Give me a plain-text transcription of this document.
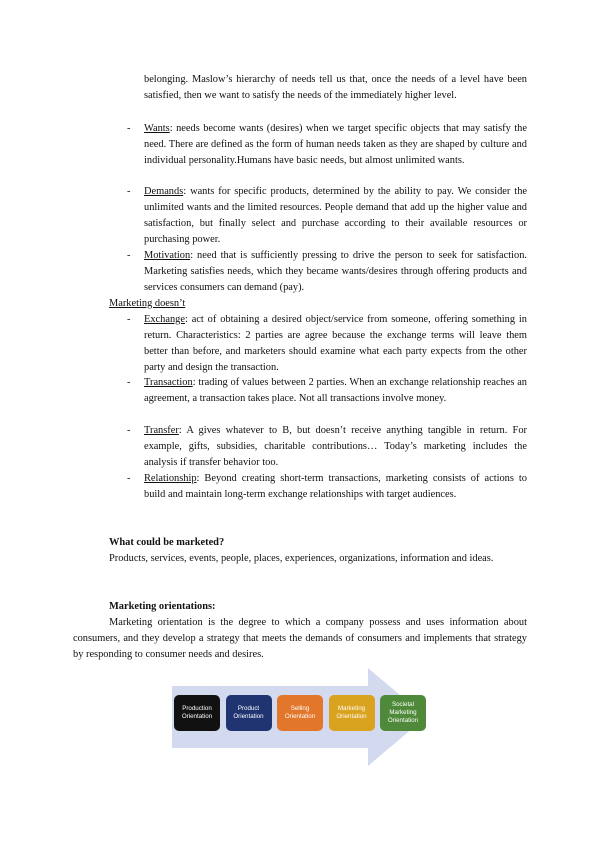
belonging. Maslow’s hierarchy of needs tell us that, once the needs of a level have been satisfied, then we want to satisfy the needs of the immediately higher level.

- Wants: needs become wants (desires) when we target specific objects that may satisfy the need. There are defined as the form of human needs taken as they are shaped by culture and individual personality.Humans have basic needs, but almost unlimited wants.

- Demands: wants for specific products, determined by the ability to pay. We consider the unlimited wants and the limited resources. People demand that add up the higher value and satisfaction, but finally select and purchase according to their available resources or purchasing power.

- Motivation: need that is sufficiently pressing to drive the person to seek for satisfaction. Marketing satisfies needs, which they became wants/desires through offering products and services consumers can demand (pay).

Marketing doesn’t
- Exchange: act of obtaining a desired object/service from someone, offering something in return. Characteristics: 2 parties are agree because the exchange terms will leave them better than before, and marketers should examine what each party expects from the other party and design the transaction.

- Transaction: trading of values between 2 parties. When an exchange relationship reaches an agreement, a transaction takes place. Not all transactions involve money.

- Transfer: A gives whatever to B, but doesn’t receive anything tangible in return. For example, gifts, subsidies, charitable contributions… Today’s marketing includes the analysis if transfer behavior too.

- Relationship: Beyond creating short-term transactions, marketing consists of actions to build and maintain long-term exchange relationships with target audiences.

What could be marketed?

Products, services, events, people, places, experiences, organizations, information and ideas.

Marketing orientations:

Marketing orientation is the degree to which a company possess and uses information about consumers, and they develop a strategy that meets the demands of consumers and implements that strategy by responding to consumer needs and desires.

Production Orientation
Product Orientation
Selling Orientation
Marketing Orientation
Societal Marketing Orientation
